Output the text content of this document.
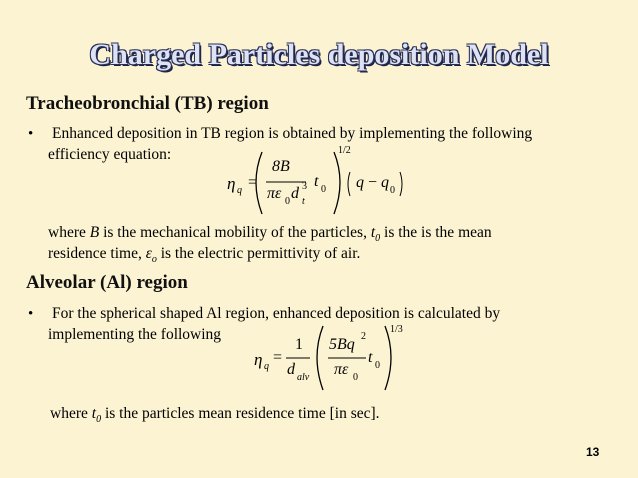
Charged Particles deposition Model
Tracheobronchial (TB) region
• Enhanced deposition in TB region is obtained by implementing the following
efficiency equation:
η q =
8B
πε 0 d 3
t
t 0
1/2
q − q 0
where B is the mechanical mobility of the particles, $t_0$ is the is the mean
residence time, $\varepsilon_o$ is the electric permittivity of air.
Alveolar (Al) region
• For the spherical shaped Al region, enhanced deposition is calculated by
implementing the following
η q
=
1
d alv
5Bq 2
πε 0
t 0
1/3
where $t_0$ is the particles mean residence time [in sec].
13
